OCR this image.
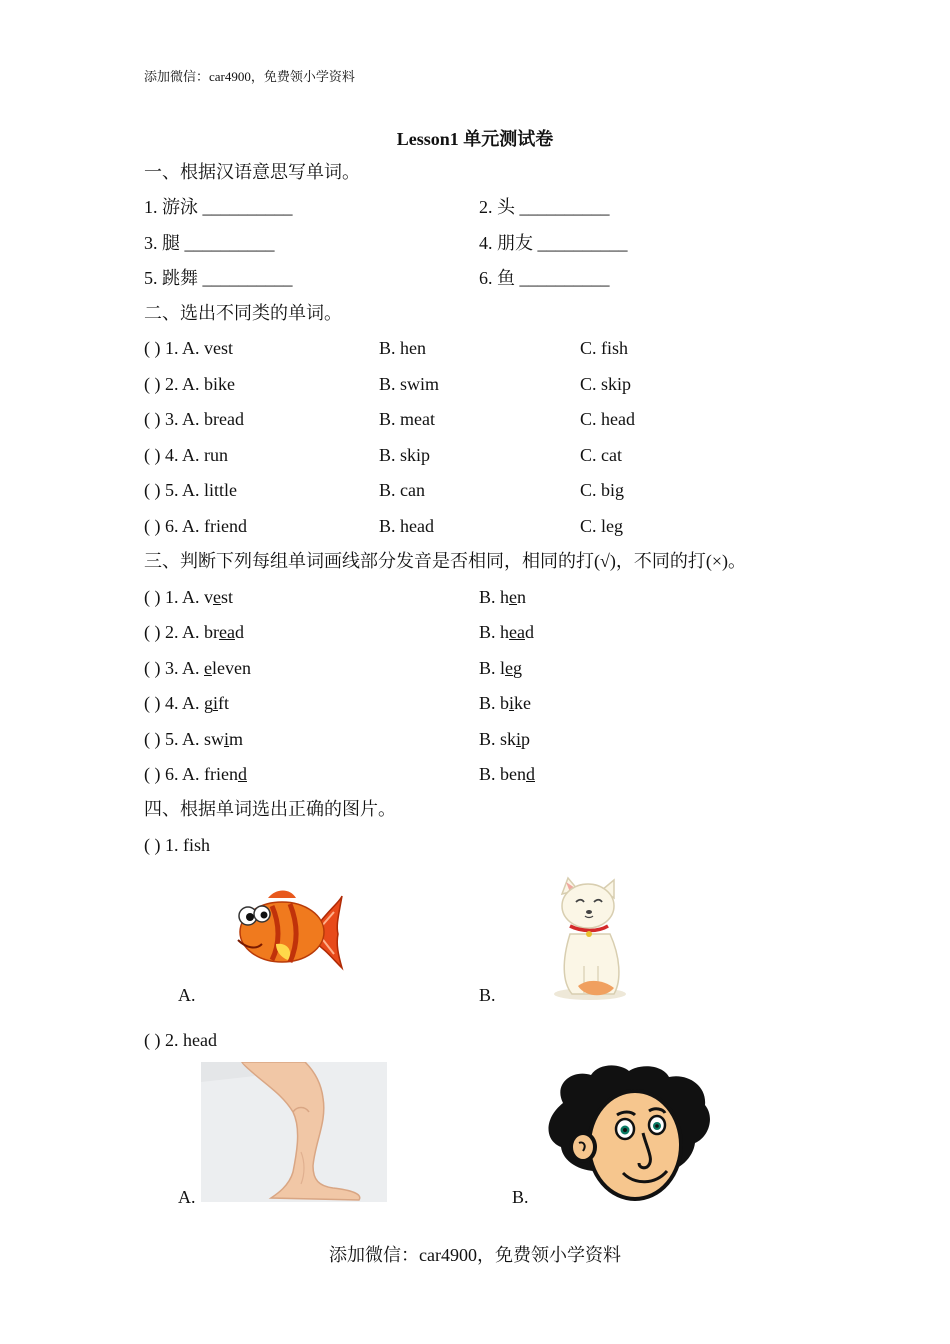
添加微信：car4900，免费领小学资料
Lesson1 单元测试卷
一、根据汉语意思写单词。
1. 游泳 __________	2. 头 __________
3. 腿 __________	4. 朋友 __________
5. 跳舞 __________	6. 鱼 __________
二、选出不同类的单词。
( ) 1. A. vest	B. hen	C. fish
( ) 2. A. bike	B. swim	C. skip
( ) 3. A. bread	B. meat	C. head
( ) 4. A. run	B. skip	C. cat
( ) 5. A. little	B. can	C. big
( ) 6. A. friend	B. head	C. leg
三、判断下列每组单词画线部分发音是否相同，相同的打(√)，不同的打(×)。
( ) 1. A. vest	B. hen
( ) 2. A. bread	B. head
( ) 3. A. eleven	B. leg
( ) 4. A. gift	B. bike
( ) 5. A. swim	B. skip
( ) 6. A. friend	B. bend
四、根据单词选出正确的图片。
( ) 1. fish
A.	B.
( ) 2. head
A.	B.
添加微信：car4900，免费领小学资料
